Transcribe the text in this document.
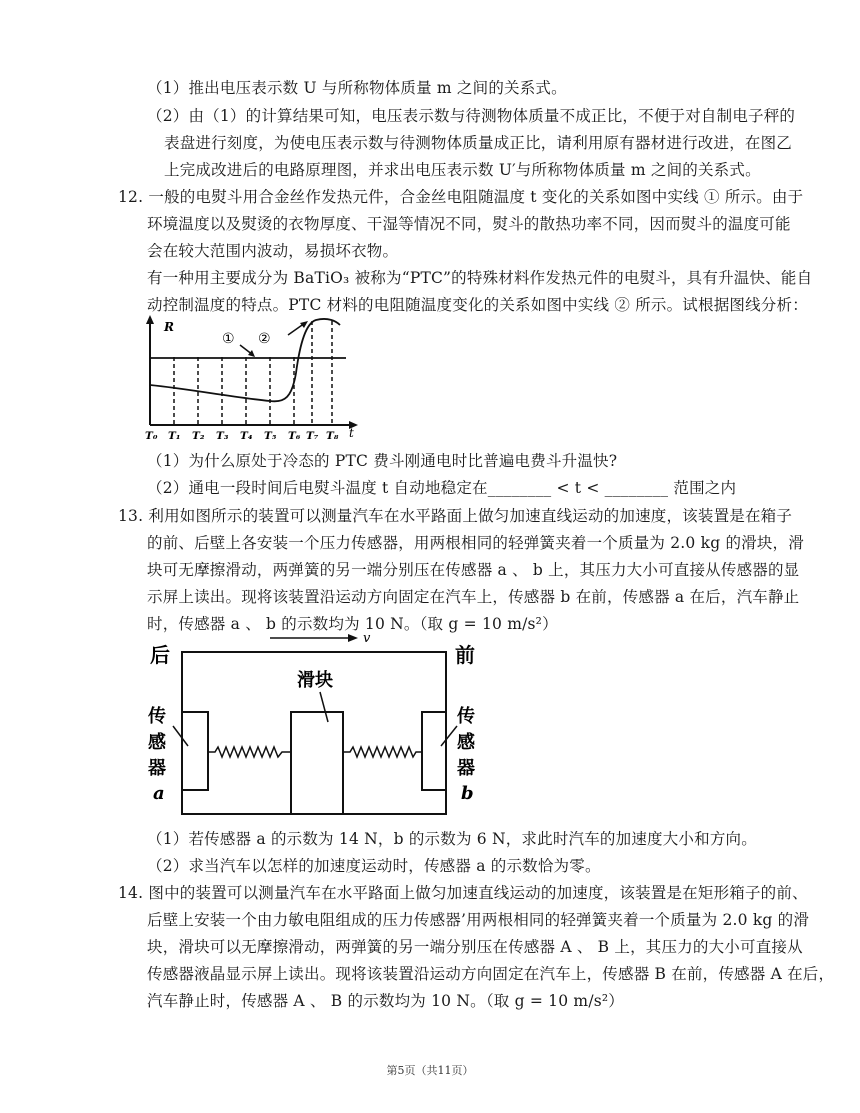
（1）推出电压表示数 U 与所称物体质量 m 之间的关系式。
（2）由（1）的计算结果可知，电压表示数与待测物体质量不成正比，不便于对自制电子秤的
表盘进行刻度，为使电压表示数与待测物体质量成正比，请利用原有器材进行改进，在图乙
上完成改进后的电路原理图，并求出电压表示数 U′与所称物体质量 m 之间的关系式。
12. 一般的电熨斗用合金丝作发热元件，合金丝电阻随温度 t 变化的关系如图中实线 ① 所示。由于
环境温度以及熨烫的衣物厚度、干湿等情况不同，熨斗的散热功率不同，因而熨斗的温度可能
会在较大范围内波动，易损坏衣物。
有一种用主要成分为 BaTiO₃ 被称为“PTC”的特殊材料作发热元件的电熨斗，具有升温快、能自
动控制温度的特点。PTC 材料的电阻随温度变化的关系如图中实线 ② 所示。试根据图线分析：
R
t
① ②
T₀ T₁ T₂ T₃ T₄ T₅ T₆ T₇ T₈
（1）为什么原处于冷态的 PTC 费斗刚通电时比普遍电费斗升温快?
（2）通电一段时间后电熨斗温度 t 自动地稳定在________ < t < ________ 范围之内
13. 利用如图所示的装置可以测量汽车在水平路面上做匀加速直线运动的加速度，该装置是在箱子
的前、后壁上各安装一个压力传感器，用两根相同的轻弹簧夹着一个质量为 2.0 kg 的滑块，滑
块可无摩擦滑动，两弹簧的另一端分别压在传感器 a 、 b 上，其压力大小可直接从传感器的显
示屏上读出。现将该装置沿运动方向固定在汽车上，传感器 b 在前，传感器 a 在后，汽车静止
时，传感器 a 、 b 的示数均为 10 N。（取 g = 10 m/s²）
v
后	前
滑块
传
感
器
a
传
感
器
b
（1）若传感器 a 的示数为 14 N，b 的示数为 6 N，求此时汽车的加速度大小和方向。
（2）求当汽车以怎样的加速度运动时，传感器 a 的示数恰为零。
14. 图中的装置可以测量汽车在水平路面上做匀加速直线运动的加速度，该装置是在矩形箱子的前、
后壁上安装一个由力敏电阻组成的压力传感器’用两根相同的轻弹簧夹着一个质量为 2.0 kg 的滑
块，滑块可以无摩擦滑动，两弹簧的另一端分别压在传感器 A 、 B 上，其压力的大小可直接从
传感器液晶显示屏上读出。现将该装置沿运动方向固定在汽车上，传感器 B 在前，传感器 A 在后，
汽车静止时，传感器 A 、 B 的示数均为 10 N。（取 g = 10 m/s²）
第5页（共11页）
